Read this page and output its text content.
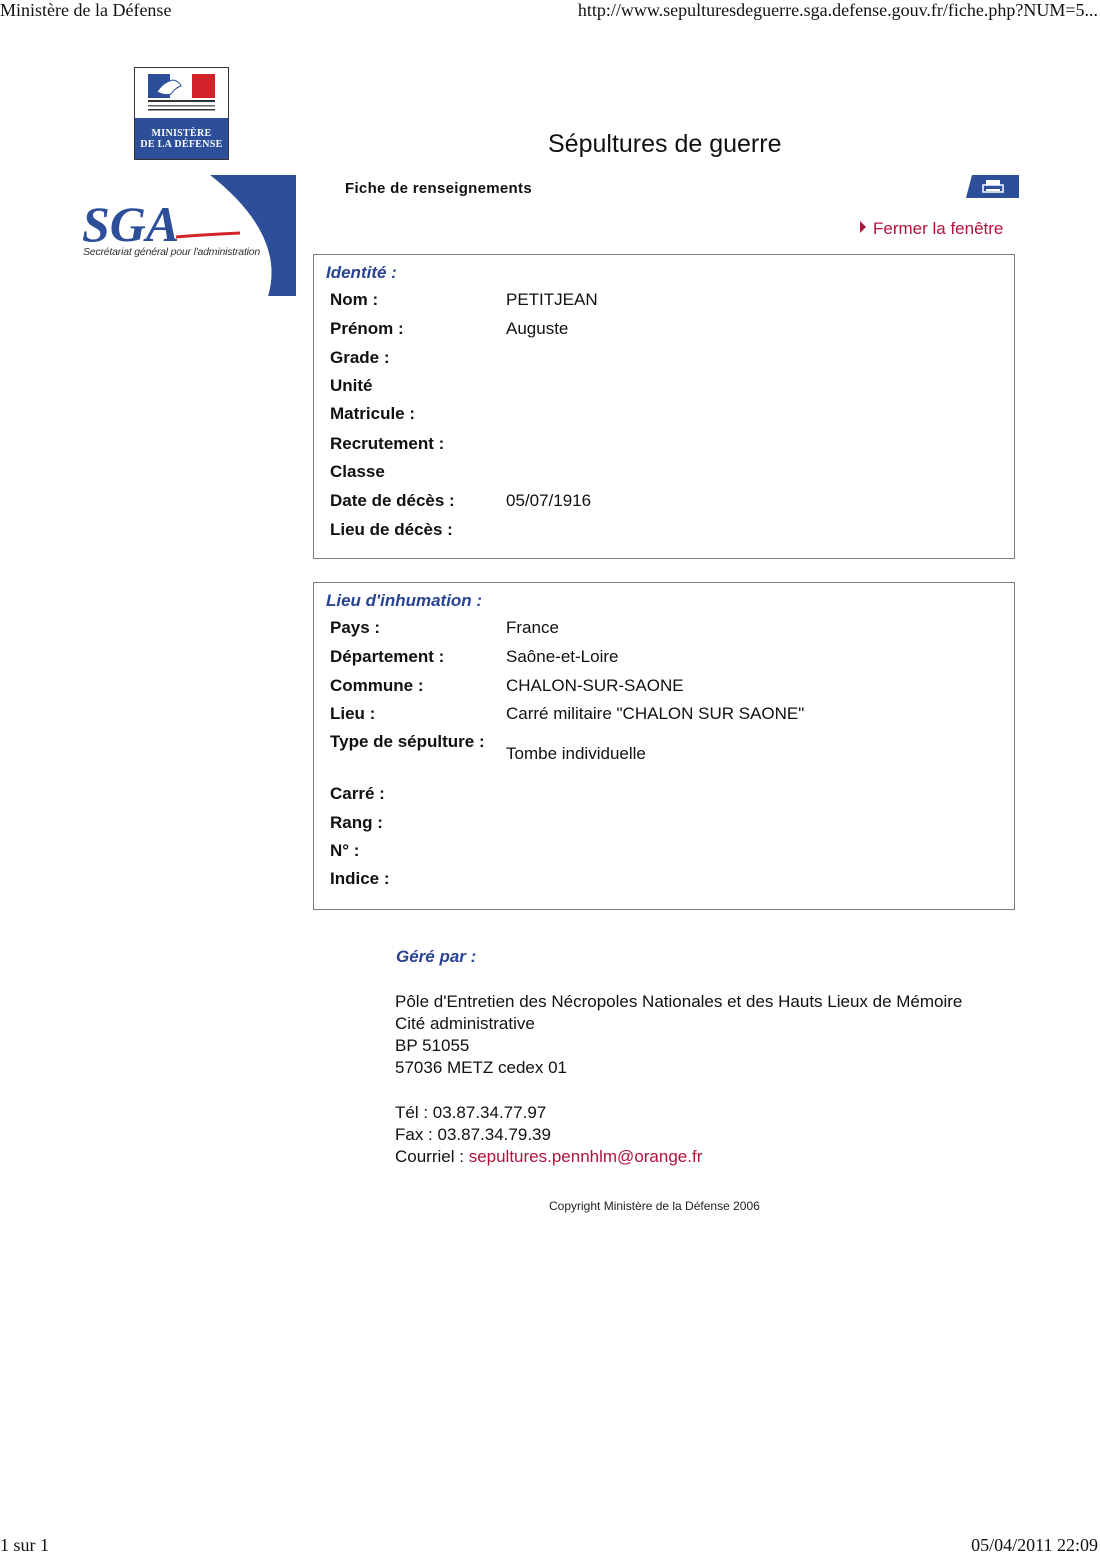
Ministère de la Défense	http://www.sepulturesdeguerre.sga.defense.gouv.fr/fiche.php?NUM=5...
1 sur 1	05/04/2011 22:09
MINISTÈRE
DE LA DÉFENSE
SGA
Secrétariat général pour l'administration
Sépultures de guerre
Fiche de renseignements
Fermer la fenêtre
Identité :
Nom :	PETITJEAN
Prénom :	Auguste
Grade :
Unité
Matricule :
Recrutement :
Classe
Date de décès :	05/07/1916
Lieu de décès :
Lieu d'inhumation :
Pays :	France
Département :	Saône-et-Loire
Commune :	CHALON-SUR-SAONE
Lieu :	Carré militaire "CHALON SUR SAONE"
Type de sépulture :
Tombe individuelle
Carré :
Rang :
N° :
Indice :
Géré par :
Pôle d'Entretien des Nécropoles Nationales et des Hauts Lieux de Mémoire
Cité administrative
BP 51055
57036 METZ cedex 01
Tél : 03.87.34.77.97
Fax : 03.87.34.79.39
Courriel : sepultures.pennhlm@orange.fr
Copyright Ministère de la Défense 2006
